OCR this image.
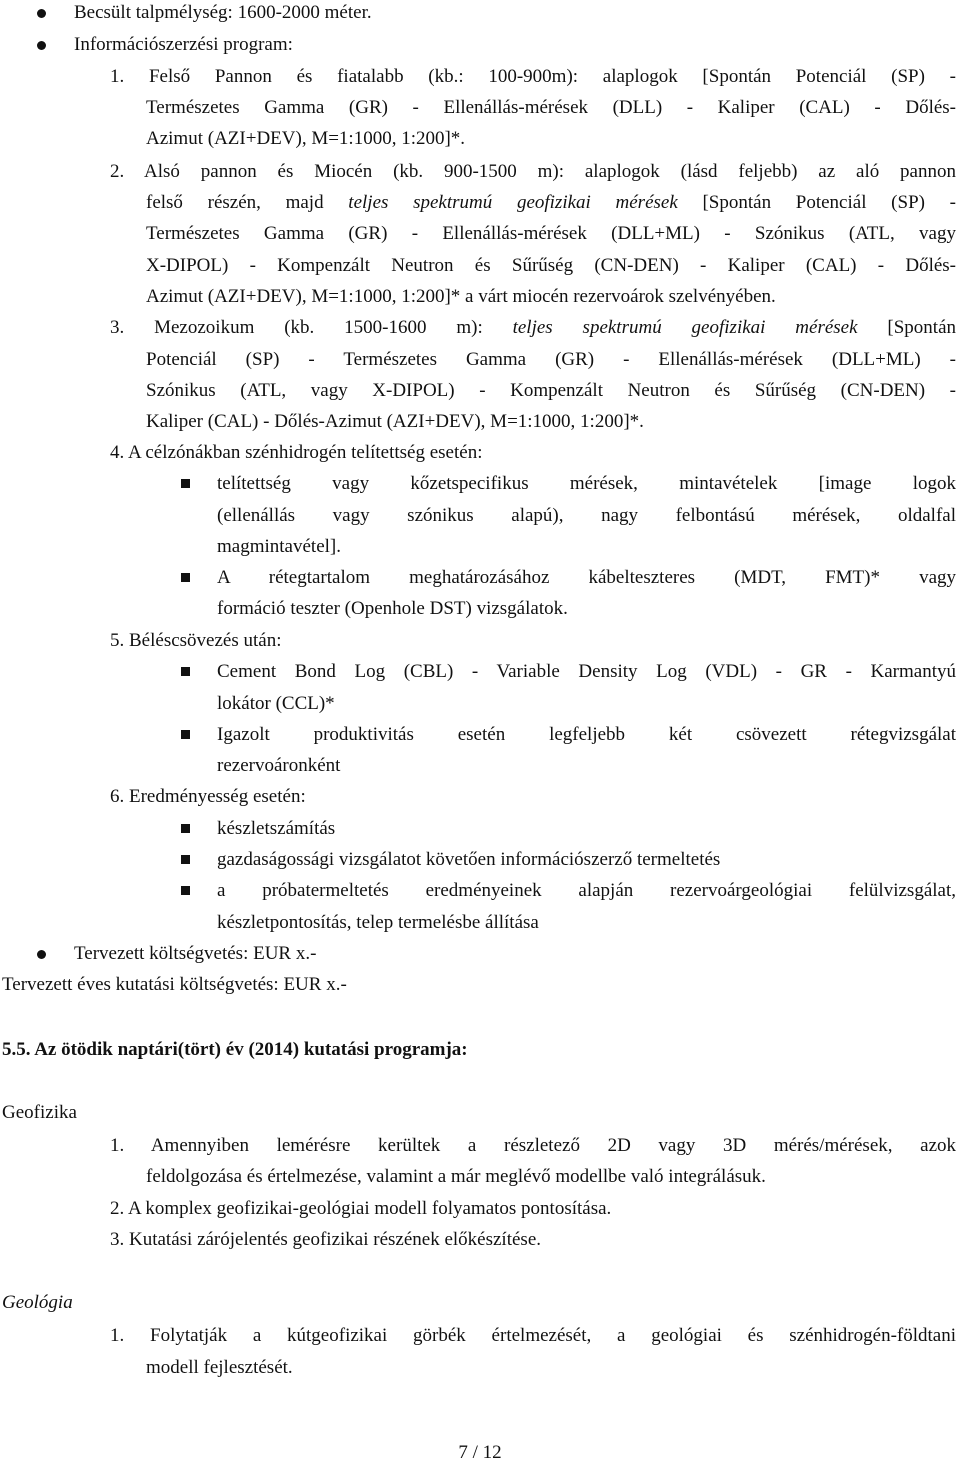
Becsült talpmélység: 1600-2000 méter.
Információszerzési program:
1. Felső Pannon és fiatalabb (kb.: 100-900m): alaplogok [Spontán Potenciál (SP) -
Természetes Gamma (GR) - Ellenállás-mérések (DLL) - Kaliper (CAL) - Dőlés-
Azimut (AZI+DEV), M=1:1000, 1:200]*.
2. Alsó pannon és Miocén (kb. 900-1500 m): alaplogok (lásd feljebb) az aló pannon
felső részén, majd teljes spektrumú geofizikai mérések [Spontán Potenciál (SP) -
Természetes Gamma (GR) - Ellenállás-mérések (DLL+ML) - Szónikus (ATL, vagy
X-DIPOL) - Kompenzált Neutron és Sűrűség (CN-DEN) - Kaliper (CAL) - Dőlés-
Azimut (AZI+DEV), M=1:1000, 1:200]* a várt miocén rezervoárok szelvényében.
3. Mezozoikum (kb. 1500-1600 m): teljes spektrumú geofizikai mérések [Spontán
Potenciál (SP) - Természetes Gamma (GR) - Ellenállás-mérések (DLL+ML) -
Szónikus (ATL, vagy X-DIPOL) - Kompenzált Neutron és Sűrűség (CN-DEN) -
Kaliper (CAL) - Dőlés-Azimut (AZI+DEV), M=1:1000, 1:200]*.
4. A célzónákban szénhidrogén telítettség esetén:
telítettség vagy kőzetspecifikus mérések, mintavételek [image logok
(ellenállás vagy szónikus alapú), nagy felbontású mérések, oldalfal
magmintavétel].
A rétegtartalom meghatározásához kábelteszteres (MDT, FMT)* vagy
formáció teszter (Openhole DST) vizsgálatok.
5. Béléscsövezés után:
Cement Bond Log (CBL) - Variable Density Log (VDL) - GR - Karmantyú
lokátor (CCL)*
Igazolt produktivitás esetén legfeljebb két csövezett rétegvizsgálat
rezervoáronként
6. Eredményesség esetén:
készletszámítás
gazdaságossági vizsgálatot követően információszerző termeltetés
a próbatermeltetés eredményeinek alapján rezervoárgeológiai felülvizsgálat,
készletpontosítás, telep termelésbe állítása
Tervezett költségvetés: EUR x.-
Tervezett éves kutatási költségvetés: EUR x.-
5.5. Az ötödik naptári(tört) év (2014) kutatási programja:
Geofizika
1. Amennyiben lemérésre kerültek a részletező 2D vagy 3D mérés/mérések, azok
feldolgozása és értelmezése, valamint a már meglévő modellbe való integrálásuk.
2. A komplex geofizikai-geológiai modell folyamatos pontosítása.
3. Kutatási zárójelentés geofizikai részének előkészítése.
Geológia
1. Folytatják a kútgeofizikai görbék értelmezését, a geológiai és szénhidrogén-földtani
modell fejlesztését.
7 / 12
